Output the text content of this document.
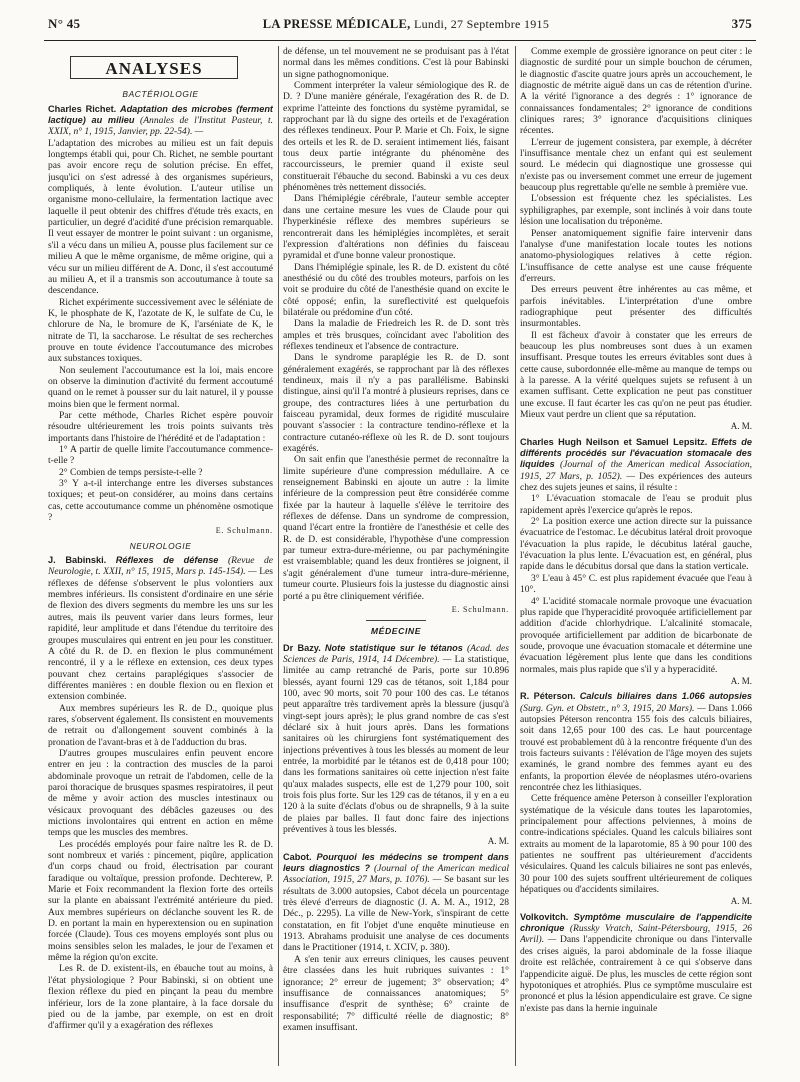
N° 45	LA PRESSE MÉDICALE, Lundi, 27 Septembre 1915	375
ANALYSES
BACTÉRIOLOGIE

Charles Richet. Adaptation des microbes (ferment lactique) au milieu (Annales de l'Institut Pasteur, t. XXIX, n° 1, 1915, Janvier, pp. 22-54). —

L'adaptation des microbes au milieu est un fait depuis longtemps établi qui, pour Ch. Richet, ne semble pourtant pas avoir encore reçu de solution précise. En effet, jusqu'ici on s'est adressé à des organismes supérieurs, compliqués, à lente évolution. L'auteur utilise un organisme mono-cellulaire, la fermentation lactique avec laquelle il peut obtenir des chiffres d'étude très exacts, en particulier, un degré d'acidité d'une précision remarquable. Il veut essayer de montrer le point suivant : un organisme, s'il a vécu dans un milieu A, pousse plus facilement sur ce milieu A que le même organisme, de même origine, qui a vécu sur un milieu différent de A. Donc, il s'est accoutumé au milieu A, et il a transmis son accoutumance à toute sa descendance.

Richet expérimente successivement avec le séléniate de K, le phosphate de K, l'azotate de K, le sulfate de Cu, le chlorure de Na, le bromure de K, l'arséniate de K, le nitrate de Tl, la saccharose. Le résultat de ses recherches prouve en toute évidence l'accoutumance des microbes aux substances toxiques.

Non seulement l'accoutumance est la loi, mais encore on observe la diminution d'activité du ferment accoutumé quand on le remet à pousser sur du lait naturel, il y pousse moins bien que le ferment normal.

Par cette méthode, Charles Richet espère pouvoir résoudre ultérieurement les trois points suivants très importants dans l'histoire de l'hérédité et de l'adaptation :

1° A partir de quelle limite l'accoutumance commence-t-elle ?

2° Combien de temps persiste-t-elle ?

3° Y a-t-il interchange entre les diverses substances toxiques; et peut-on considérer, au moins dans certains cas, cette accoutumance comme un phénomène osmotique ?

E. Schulmann.
NEUROLOGIE

J. Babinski. Réflexes de défense (Revue de Neurologie, t. XXII, n° 15, 1915, Mars p. 145-154). — Les réflexes de défense s'observent le plus volontiers aux membres inférieurs. Ils consistent d'ordinaire en une série de flexion des divers segments du membre les uns sur les autres, mais ils peuvent varier dans leurs formes, leur rapidité, leur amplitude et dans l'étendue du territoire des groupes musculaires qui entrent en jeu pour les constituer. A côté du R. de D. en flexion le plus communément rencontré, il y a le réflexe en extension, ces deux types pouvant chez certains paraplégiques s'associer de différentes manières : en double flexion ou en flexion et extension combinée.

Aux membres supérieurs les R. de D., quoique plus rares, s'observent également. Ils consistent en mouvements de retrait ou d'allongement souvent combinés à la pronation de l'avant-bras et à de l'adduction du bras.

D'autres groupes musculaires enfin peuvent encore entrer en jeu : la contraction des muscles de la paroi abdominale provoque un retrait de l'abdomen, celle de la paroi thoracique de brusques spasmes respiratoires, il peut de même y avoir action des muscles intestinaux ou vésicaux provoquant des débâcles gazeuses ou des mictions involontaires qui entrent en action en même temps que les muscles des membres.

Les procédés employés pour faire naître les R. de D. sont nombreux et variés : pincement, piqûre, application d'un corps chaud ou froid, électrisation par courant faradique ou voltaïque, pression profonde. Dechterew, P. Marie et Foix recommandent la flexion forte des orteils sur la plante en abaissant l'extrémité antérieure du pied. Aux membres supérieurs on déclanche souvent les R. de D. en portant la main en hyperextension ou en supination forcée (Claude). Tous ces moyens employés sont plus ou moins sensibles selon les malades, le jour de l'examen et même la région qu'on excite.

Les R. de D. existent-ils, en ébauche tout au moins, à l'état physiologique ? Pour Babinski, si on obtient une flexion réflexe du pied en pinçant la peau du membre inférieur, lors de la zone plantaire, à la face dorsale du pied ou de la jambe, par exemple, on est en droit d'affirmer qu'il y a exagération des réflexes

de défense, un tel mouvement ne se produisant pas à l'état normal dans les mêmes conditions. C'est là pour Babinski un signe pathognomonique.

Comment interpréter la valeur sémiologique des R. de D. ? D'une manière générale, l'exagération des R. de D. exprime l'atteinte des fonctions du système pyramidal, se rapprochant par là du signe des orteils et de l'exagération des réflexes tendineux. Pour P. Marie et Ch. Foix, le signe des orteils et les R. de D. seraient intimement liés, faisant tous deux partie intégrante du phénomène des raccourcisseurs, le premier quand il existe seul constituerait l'ébauche du second. Babinski a vu ces deux phénomènes très nettement dissociés.

Dans l'hémiplégie cérébrale, l'auteur semble accepter dans une certaine mesure les vues de Claude pour qui l'hyperkinésie réflexe des membres supérieurs se rencontrerait dans les hémiplégies incomplètes, et serait l'expression d'altérations non définies du faisceau pyramidal et d'une bonne valeur pronostique.

Dans l'hémiplégie spinale, les R. de D. existent du côté anesthésié ou du côté des troubles moteurs, parfois on les voit se produire du côté de l'anesthésie quand on excite le côté opposé; enfin, la sureflectivité est quelquefois bilatérale ou prédomine d'un côté.

Dans la maladie de Friedreich les R. de D. sont très amples et très brusques, coïncidant avec l'abolition des réflexes tendineux et l'absence de contracture.

Dans le syndrome paraplégie les R. de D. sont généralement exagérés, se rapprochant par là des réflexes tendineux, mais il n'y a pas parallélisme. Babinski distingue, ainsi qu'il l'a montré à plusieurs reprises, dans ce groupe, des contractures liées à une perturbation du faisceau pyramidal, deux formes de rigidité musculaire pouvant s'associer : la contracture tendino-réflexe et la contracture cutanéo-réflexe où les R. de D. sont toujours exagérés.

On sait enfin que l'anesthésie permet de reconnaître la limite supérieure d'une compression médullaire. A ce renseignement Babinski en ajoute un autre : la limite inférieure de la compression peut être considérée comme fixée par la hauteur à laquelle s'élève le territoire des réflexes de défense. Dans un syndrome de compression, quand l'écart entre la frontière de l'anesthésie et celle des R. de D. est considérable, l'hypothèse d'une compression par tumeur extra-dure-mérienne, ou par pachyméningite est vraisemblable; quand les deux frontières se joignent, il s'agit généralement d'une tumeur intra-dure-mérienne, tumeur courte. Plusieurs fois la justesse du diagnostic ainsi porté a pu être cliniquement vérifiée.

E. Schulmann.
MÉDECINE

Dr Bazy. Note statistique sur le tétanos (Acad. des Sciences de Paris, 1914, 14 Décembre). — La statistique, limitée au camp retranché de Paris, porte sur 10.896 blessés, ayant fourni 129 cas de tétanos, soit 1,184 pour 100, avec 90 morts, soit 70 pour 100 des cas. Le tétanos peut apparaître très tardivement après la blessure (jusqu'à vingt-sept jours après); le plus grand nombre de cas s'est déclaré six à huit jours après. Dans les formations sanitaires où les chirurgiens font systématiquement des injections préventives à tous les blessés au moment de leur entrée, la morbidité par le tétanos est de 0,418 pour 100; dans les formations sanitaires où cette injection n'est faite qu'aux malades suspects, elle est de 1,279 pour 100, soit trois fois plus forte. Sur les 129 cas de tétanos, il y en a eu 120 à la suite d'éclats d'obus ou de shrapnells, 9 à la suite de plaies par balles. Il faut donc faire des injections préventives à tous les blessés.

A. M.

Cabot. Pourquoi les médecins se trompent dans leurs diagnostics ? (Journal of the American medical Association, 1915, 27 Mars, p. 1076). — Se basant sur les résultats de 3.000 autopsies, Cabot décela un pourcentage très élevé d'erreurs de diagnostic (J. A. M. A., 1912, 28 Déc., p. 2295). La ville de New-York, s'inspirant de cette constatation, en fit l'objet d'une enquête minutieuse en 1913. Abrahams produisit une analyse de ces documents dans le Practitioner (1914, t. XCIV, p. 380).

A s'en tenir aux erreurs cliniques, les causes peuvent être classées dans les huit rubriques suivantes : 1° ignorance; 2° erreur de jugement; 3° observation; 4° insuffisance de connaissances anatomiques; 5° insuffisance d'esprit de synthèse; 6° crainte de responsabilité; 7° difficulté réelle de diagnostic; 8° examen insuffisant.

Comme exemple de grossière ignorance on peut citer : le diagnostic de surdité pour un simple bouchon de cérumen, le diagnostic d'ascite quatre jours après un accouchement, le diagnostic de métrite aiguë dans un cas de rétention d'urine. A la vérité l'ignorance a des degrés : 1° ignorance de connaissances fondamentales; 2° ignorance de conditions cliniques rares; 3° ignorance d'acquisitions cliniques récentes.

L'erreur de jugement consistera, par exemple, à décréter l'insuffisance mentale chez un enfant qui est seulement sourd. Le médecin qui diagnostique une grossesse qui n'existe pas ou inversement commet une erreur de jugement beaucoup plus regrettable qu'elle ne semble à première vue.

L'obsession est fréquente chez les spécialistes. Les syphiligraphes, par exemple, sont inclinés à voir dans toute lésion une localisation du tréponème.

Penser anatomiquement signifie faire intervenir dans l'analyse d'une manifestation locale toutes les notions anatomo-physiologiques relatives à cette région. L'insuffisance de cette analyse est une cause fréquente d'erreurs.

Des erreurs peuvent être inhérentes au cas même, et parfois inévitables. L'interprétation d'une ombre radiographique peut présenter des difficultés insurmontables.

Il est fâcheux d'avoir à constater que les erreurs de beaucoup les plus nombreuses sont dues à un examen insuffisant. Presque toutes les erreurs évitables sont dues à cette cause, subordonnée elle-même au manque de temps ou à la paresse. A la vérité quelques sujets se refusent à un examen suffisant. Cette explication ne peut pas constituer une excuse. Il faut écarter les cas qu'on ne peut pas étudier. Mieux vaut perdre un client que sa réputation.

A. M.

Charles Hugh Neilson et Samuel Lepsitz. Effets de différents procédés sur l'évacuation stomacale des liquides (Journal of the American medical Association, 1915, 27 Mars, p. 1052). — Des expériences des auteurs chez des sujets jeunes et sains, il résulte :

1° L'évacuation stomacale de l'eau se produit plus rapidement après l'exercice qu'après le repos.

2° La position exerce une action directe sur la puissance évacuatrice de l'estomac. Le décubitus latéral droit provoque l'évacuation la plus rapide, le décubitus latéral gauche, l'évacuation la plus lente. L'évacuation est, en général, plus rapide dans le décubitus dorsal que dans la station verticale.

3° L'eau à 45° C. est plus rapidement évacuée que l'eau à 10°.

4° L'acidité stomacale normale provoque une évacuation plus rapide que l'hyperacidité provoquée artificiellement par addition d'acide chlorhydrique. L'alcalinité stomacale, provoquée artificiellement par addition de bicarbonate de soude, provoque une évacuation stomacale et détermine une évacuation légèrement plus lente que dans les conditions normales, mais plus rapide que s'il y a hyperacidité.

A. M.

R. Péterson. Calculs biliaires dans 1.066 autopsies (Surg. Gyn. et Obstetr., n° 3, 1915, 20 Mars). — Dans 1.066 autopsies Péterson rencontra 155 fois des calculs biliaires, soit dans 12,65 pour 100 des cas. Le haut pourcentage trouvé est probablement dû à la rencontre fréquente d'un des trois facteurs suivants : l'élévation de l'âge moyen des sujets examinés, le grand nombre des femmes ayant eu des enfants, la proportion élevée de néoplasmes utéro-ovariens rencontrée chez les lithiasiques.

Cette fréquence amène Peterson à conseiller l'exploration systématique de la vésicule dans toutes les laparotomies, principalement pour affections pelviennes, à moins de contre-indications spéciales. Quand les calculs biliaires sont extraits au moment de la laparotomie, 85 à 90 pour 100 des patientes ne souffrent pas ultérieurement d'accidents vésiculaires. Quand les calculs biliaires ne sont pas enlevés, 30 pour 100 des sujets souffrent ultérieurement de coliques hépatiques ou d'accidents similaires.

A. M.

Volkovitch. Symptôme musculaire de l'appendicite chronique (Russky Vratch, Saint-Pétersbourg, 1915, 26 Avril). — Dans l'appendicite chronique ou dans l'intervalle des crises aiguës, la paroi abdominale de la fosse iliaque droite est relâchée, contrairement à ce qui s'observe dans l'appendicite aiguë. De plus, les muscles de cette région sont hypotoniques et atrophiés. Plus ce symptôme musculaire est prononcé et plus la lésion appendiculaire est grave. Ce signe n'existe pas dans la hernie inguinale
